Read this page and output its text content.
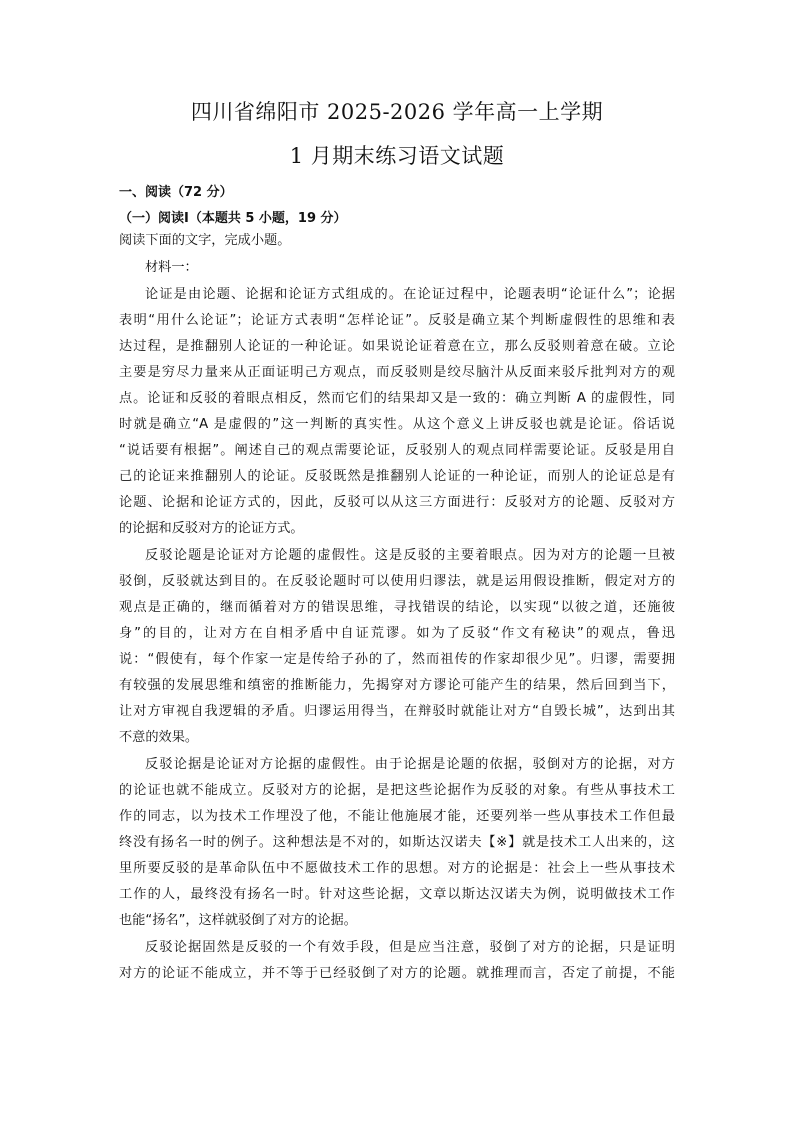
四川省绵阳市 2025-2026 学年高一上学期
1 月期末练习语文试题
一、阅读（72 分）
（一）阅读Ⅰ（本题共 5 小题，19 分）
阅读下面的文字，完成小题。
材料一：
论证是由论题、论据和论证方式组成的。在论证过程中，论题表明“论证什么”；论据
表明“用什么论证”；论证方式表明“怎样论证”。反驳是确立某个判断虚假性的思维和表
达过程，是推翻别人论证的一种论证。如果说论证着意在立，那么反驳则着意在破。立论
主要是穷尽力量来从正面证明己方观点，而反驳则是绞尽脑汁从反面来驳斥批判对方的观
点。论证和反驳的着眼点相反，然而它们的结果却又是一致的：确立判断 A 的虚假性，同
时就是确立“A 是虚假的”这一判断的真实性。从这个意义上讲反驳也就是论证。俗话说
“说话要有根据”。阐述自己的观点需要论证，反驳别人的观点同样需要论证。反驳是用自
己的论证来推翻别人的论证。反驳既然是推翻别人论证的一种论证，而别人的论证总是有
论题、论据和论证方式的，因此，反驳可以从这三方面进行：反驳对方的论题、反驳对方
的论据和反驳对方的论证方式。
反驳论题是论证对方论题的虚假性。这是反驳的主要着眼点。因为对方的论题一旦被
驳倒，反驳就达到目的。在反驳论题时可以使用归谬法，就是运用假设推断，假定对方的
观点是正确的，继而循着对方的错误思维，寻找错误的结论，以实现“以彼之道，还施彼
身”的目的，让对方在自相矛盾中自证荒谬。如为了反驳“作文有秘诀”的观点，鲁迅
说：“假使有，每个作家一定是传给子孙的了，然而祖传的作家却很少见”。归谬，需要拥
有较强的发展思维和缜密的推断能力，先揭穿对方谬论可能产生的结果，然后回到当下，
让对方审视自我逻辑的矛盾。归谬运用得当，在辩驳时就能让对方“自毁长城”，达到出其
不意的效果。
反驳论据是论证对方论据的虚假性。由于论据是论题的依据，驳倒对方的论据，对方
的论证也就不能成立。反驳对方的论据，是把这些论据作为反驳的对象。有些从事技术工
作的同志，以为技术工作埋没了他，不能让他施展才能，还要列举一些从事技术工作但最
终没有扬名一时的例子。这种想法是不对的，如斯达汉诺夫【※】就是技术工人出来的，这
里所要反驳的是革命队伍中不愿做技术工作的思想。对方的论据是：社会上一些从事技术
工作的人，最终没有扬名一时。针对这些论据，文章以斯达汉诺夫为例，说明做技术工作
也能“扬名”，这样就驳倒了对方的论据。
反驳论据固然是反驳的一个有效手段，但是应当注意，驳倒了对方的论据，只是证明
对方的论证不能成立，并不等于已经驳倒了对方的论题。就推理而言，否定了前提，不能
